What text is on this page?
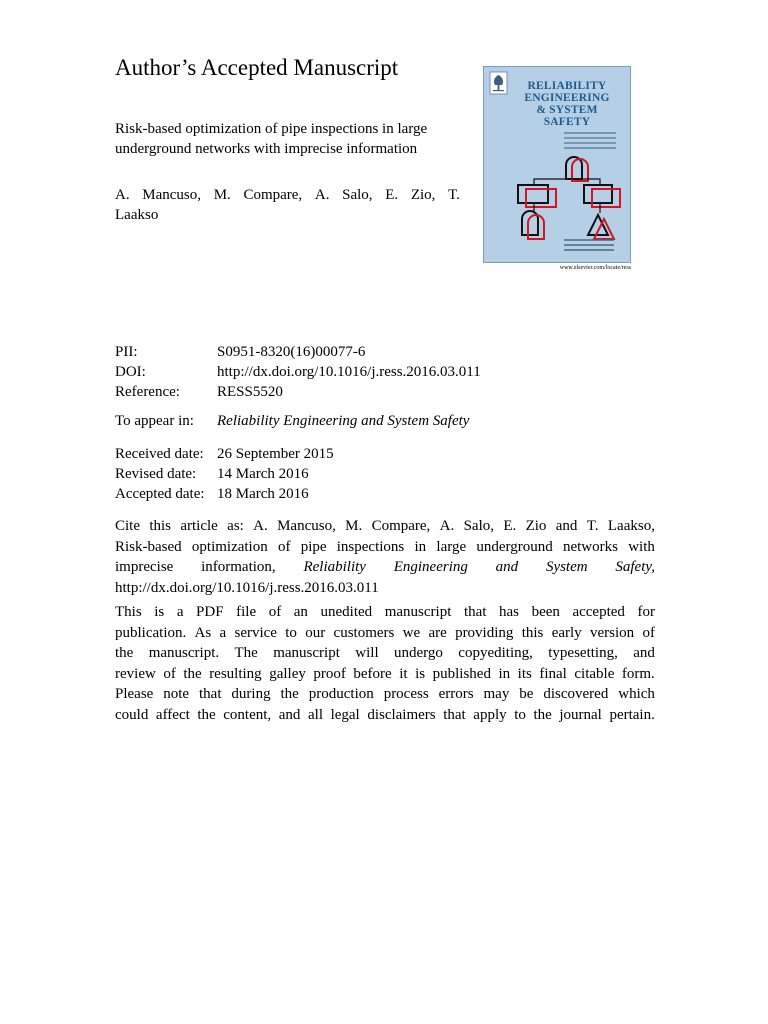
Author’s Accepted Manuscript
Risk-based optimization of pipe inspections in large
underground networks with imprecise information
A. Mancuso, M. Compare, A. Salo, E. Zio, T.
Laakso
RELIABILITY
ENGINEERING
& SYSTEM
SAFETY
www.elsevier.com/locate/ress
PII:	S0951-8320(16)00077-6
DOI:	http://dx.doi.org/10.1016/j.ress.2016.03.011
Reference:	RESS5520
To appear in:	Reliability Engineering and System Safety
Received date: 26 September 2015
Revised date:	14 March 2016
Accepted date: 18 March 2016

Cite this article as: A. Mancuso, M. Compare, A. Salo, E. Zio and T. Laakso,

Risk-based optimization of pipe inspections in large underground networks with

imprecise information, Reliability Engineering and System Safety,

http://dx.doi.org/10.1016/j.ress.2016.03.011

This is a PDF file of an unedited manuscript that has been accepted for

publication. As a service to our customers we are providing this early version of

the manuscript. The manuscript will undergo copyediting, typesetting, and

review of the resulting galley proof before it is published in its final citable form.

Please note that during the production process errors may be discovered which

could affect the content, and all legal disclaimers that apply to the journal pertain.
